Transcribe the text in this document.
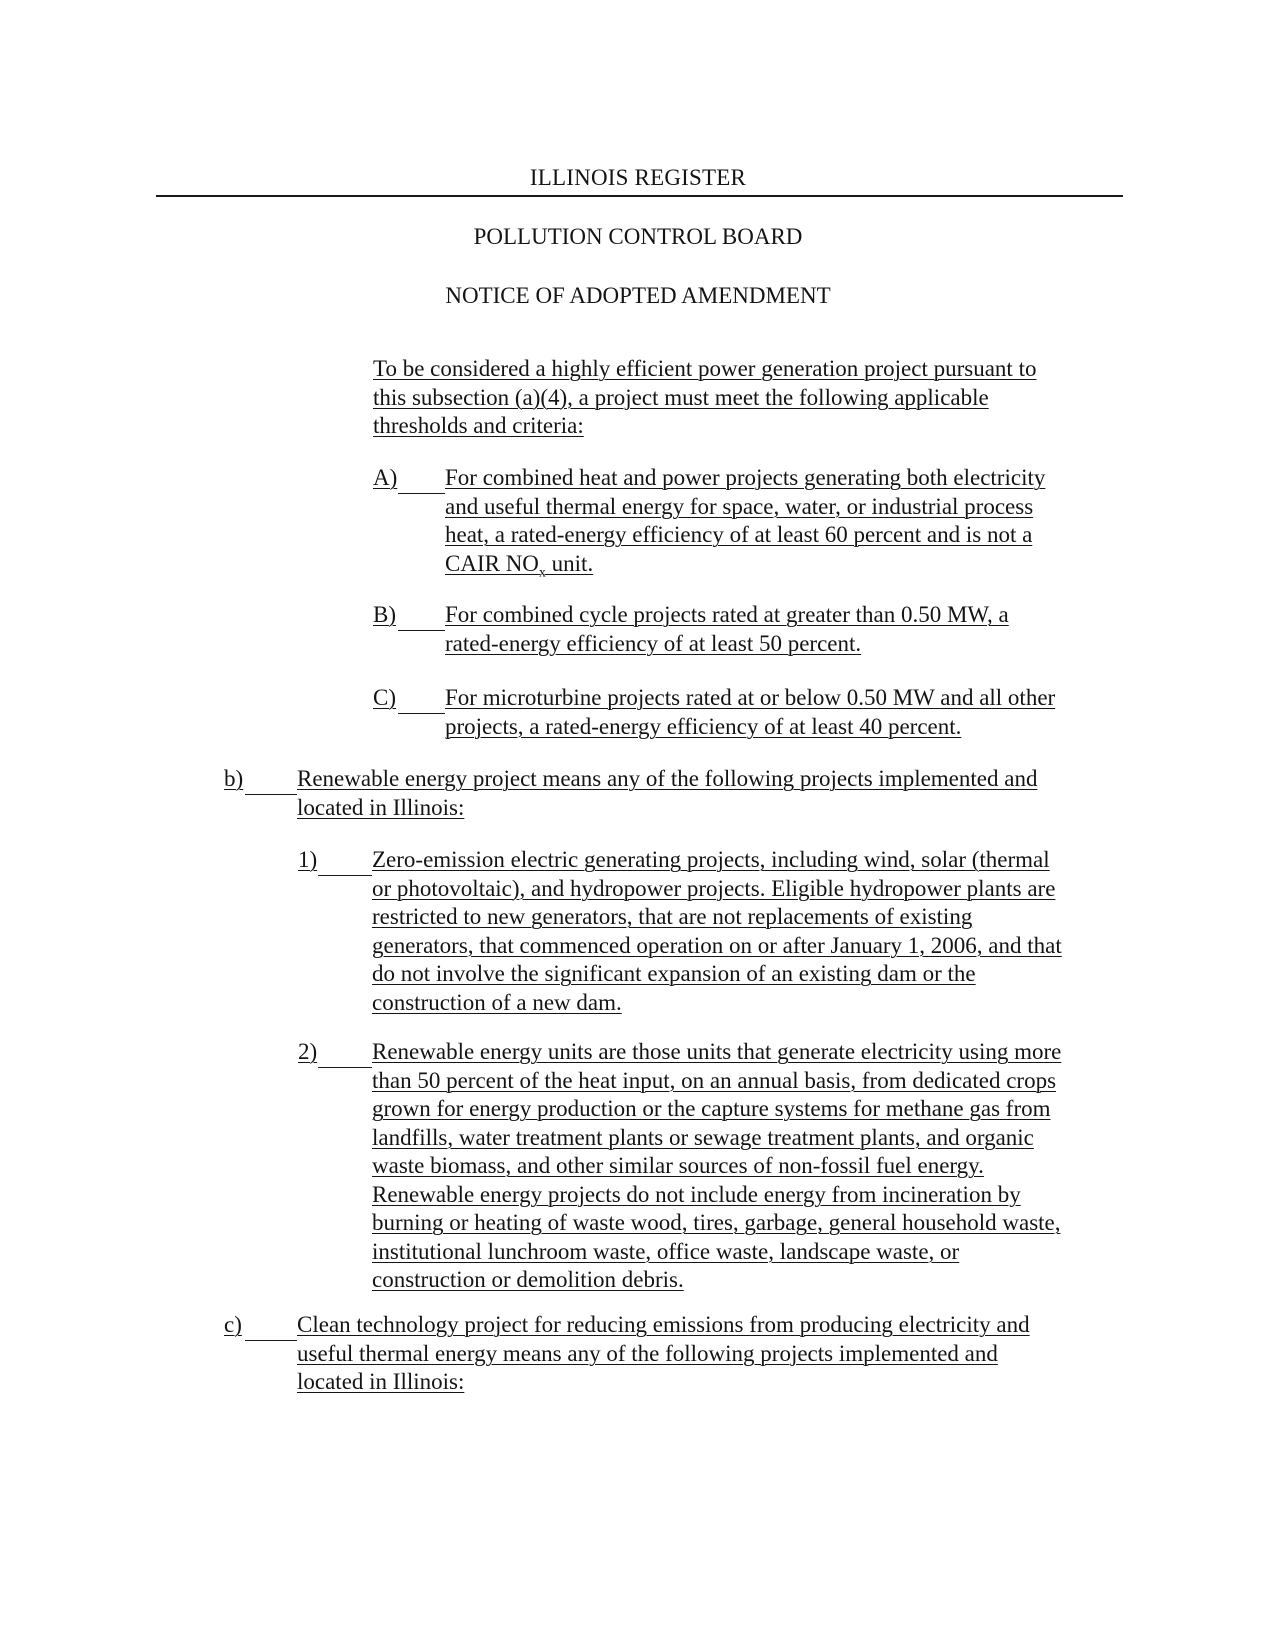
ILLINOIS REGISTER
POLLUTION CONTROL BOARD
NOTICE OF ADOPTED AMENDMENT
To be considered a highly efficient power generation project pursuant to
this subsection (a)(4), a project must meet the following applicable
thresholds and criteria:
A) For combined heat and power projects generating both electricity
and useful thermal energy for space, water, or industrial process
heat, a rated-energy efficiency of at least 60 percent and is not a
CAIR $NO_x$ unit.
B) For combined cycle projects rated at greater than 0.50 MW, a
rated-energy efficiency of at least 50 percent.
C) For microturbine projects rated at or below 0.50 MW and all other
projects, a rated-energy efficiency of at least 40 percent.
b) Renewable energy project means any of the following projects implemented and
located in Illinois:
1) Zero-emission electric generating projects, including wind, solar (thermal
or photovoltaic), and hydropower projects. Eligible hydropower plants are
restricted to new generators, that are not replacements of existing
generators, that commenced operation on or after January 1, 2006, and that
do not involve the significant expansion of an existing dam or the
construction of a new dam.
2) Renewable energy units are those units that generate electricity using more
than 50 percent of the heat input, on an annual basis, from dedicated crops
grown for energy production or the capture systems for methane gas from
landfills, water treatment plants or sewage treatment plants, and organic
waste biomass, and other similar sources of non-fossil fuel energy.
Renewable energy projects do not include energy from incineration by
burning or heating of waste wood, tires, garbage, general household waste,
institutional lunchroom waste, office waste, landscape waste, or
construction or demolition debris.
c) Clean technology project for reducing emissions from producing electricity and
useful thermal energy means any of the following projects implemented and
located in Illinois:
